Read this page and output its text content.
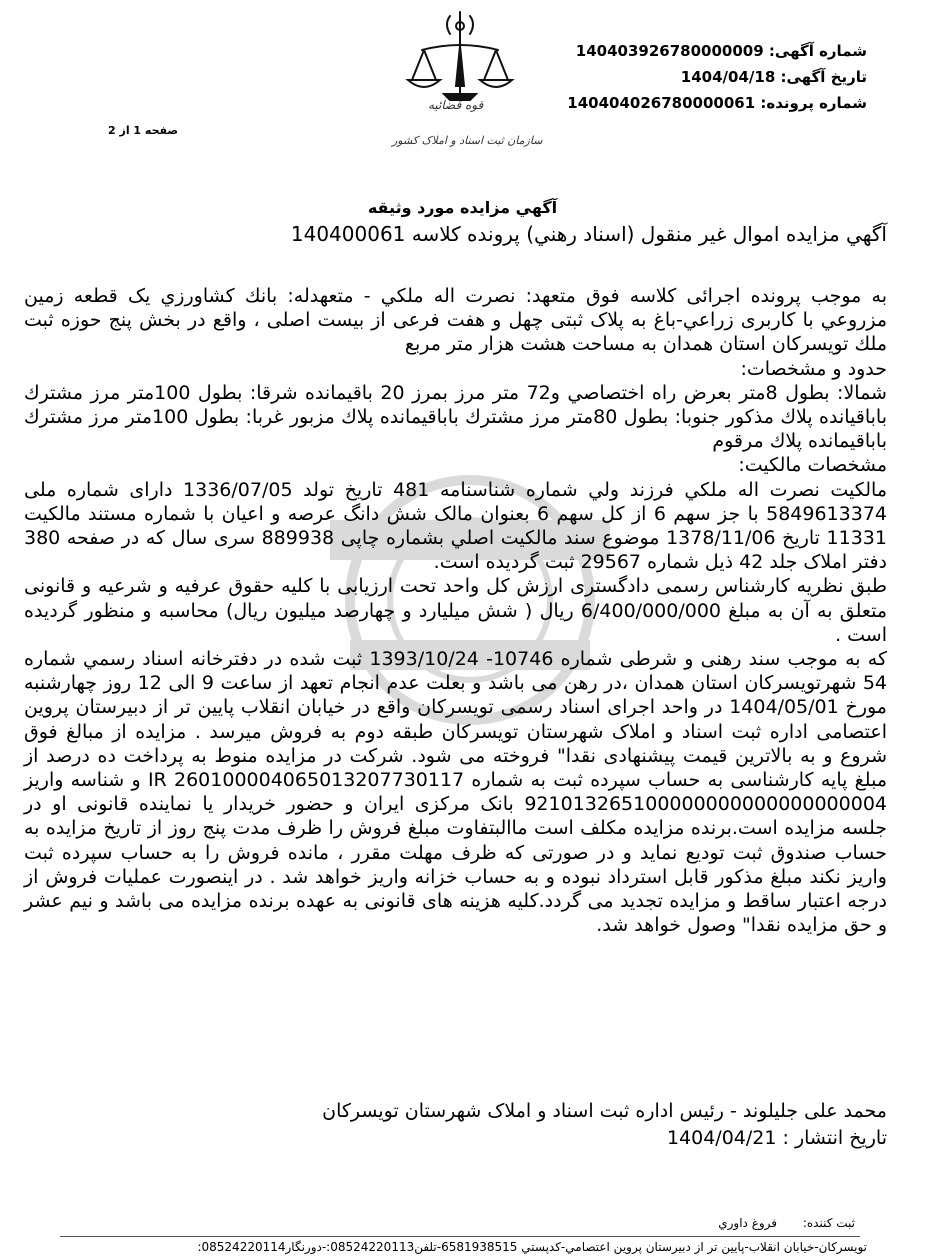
شماره آگهی: 140403926780000009
تاریخ آگهی: 1404/04/18
شماره پرونده: 140404026780000061
صفحه 1 از 2
قوه قضائیه
سازمان ثبت اسناد و املاک کشور
آگهي مزايده مورد وثيقه
آگهي مزايده اموال غير منقول (اسناد رهني) پرونده كلاسه 140400061

به موجب پرونده اجرائی كلاسه فوق متعهد: نصرت اله ملكي - متعهدله: بانك كشاورزي يک قطعه زمين مزروعي با كاربری زراعي-باغ به پلاک ثبتی چهل و هفت فرعی از بيست اصلی ، واقع در بخش پنج حوزه ثبت ملك تويسركان استان همدان به مساحت هشت هزار متر مربع

حدود و مشخصات:

شمالا: بطول 8متر بعرض راه اختصاصي و72 متر مرز بمرز 20 باقيمانده شرقا: بطول 100متر مرز مشترك باباقيانده پلاك مذكور جنوبا: بطول 80متر مرز مشترك باباقيمانده پلاك مزبور غربا: بطول 100متر مرز مشترك باباقيمانده پلاك مرقوم

مشخصات مالكيت:

مالكيت نصرت اله ملكي فرزند ولي شماره شناسنامه 481 تاريخ تولد 1336/07/05 دارای شماره ملی 5849613374 با جز سهم 6 از كل سهم 6 بعنوان مالک شش دانگ عرصه و اعيان با شماره مستند مالكيت 11331 تاريخ 1378/11/06 موضوع سند مالكيت اصلي بشماره چاپی 889938 سری سال که در صفحه 380 دفتر املاک جلد 42 ذيل شماره 29567 ثبت گرديده است.

طبق نظريه كارشناس رسمی دادگستری ارزش كل واحد تحت ارزيابی با كليه حقوق عرفيه و شرعيه و قانونی متعلق به آن به مبلغ 6/400/000/000 ريال ( شش ميليارد و چهارصد ميليون ريال) محاسبه و منظور گرديده است .

كه به موجب سند رهنی و شرطی شماره 10746- 1393/10/24 ثبت شده در دفترخانه اسناد رسمي شماره 54 شهرتويسركان استان همدان ،در رهن می باشد و بعلت عدم انجام تعهد از ساعت 9 الی 12 روز چهارشنبه مورخ 1404/05/01 در واحد اجرای اسناد رسمی تويسركان واقع در خيابان انقلاب پايين تر از دبيرستان پروين اعتصامی اداره ثبت اسناد و املاک شهرستان تويسركان طبقه دوم به فروش ميرسد . مزايده از مبالغ فوق شروع و به بالاترين قيمت پيشنهادی نقدا" فروخته می شود. شركت در مزايده منوط به پرداخت ده درصد از مبلغ پايه كارشناسی به حساب سپرده ثبت به شماره IR 260100004065013207730117 و شناسه واريز 921013265100000000000000000004 بانک مركزی ايران و حضور خريدار يا نماينده قانونی او در جلسه مزايده است.برنده مزايده مكلف است ماالبتفاوت مبلغ فروش را ظرف مدت پنج روز از تاريخ مزايده به حساب صندوق ثبت توديع نمايد و در صورتی كه ظرف مهلت مقرر ، مانده فروش را به حساب سپرده ثبت واريز نكند مبلغ مذكور قابل استرداد نبوده و به حساب خزانه واريز خواهد شد . در اينصورت عمليات فروش از درجه اعتبار ساقط و مزايده تجديد می گردد.كليه هزينه های قانونی به عهده برنده مزايده می باشد و نيم عشر و حق مزايده نقدا" وصول خواهد شد.

محمد علی جليلوند - رئيس اداره ثبت اسناد و املاک شهرستان تويسركان
تاريخ انتشار : 1404/04/21
ثبت كننده: فروغ داوري
تويسركان-خيابان انقلاب-پايين تر از دبيرستان پروين اعتصامي-كدپستي 6581938515-تلفن08524220113:-دورنگار08524220114:
